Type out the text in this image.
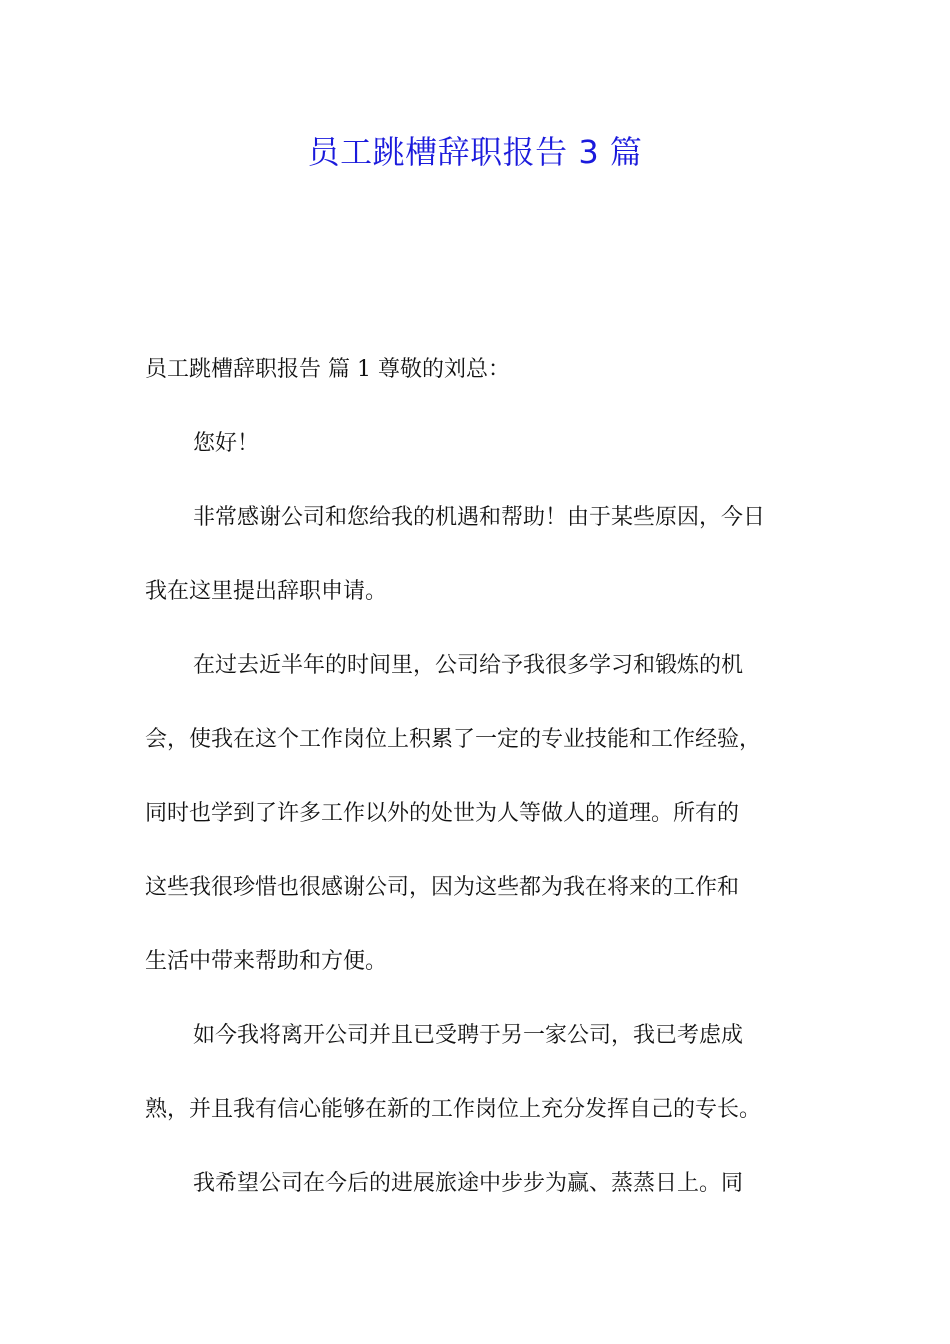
员工跳槽辞职报告 3 篇

员工跳槽辞职报告 篇 1 尊敬的刘总：

您好！

非常感谢公司和您给我的机遇和帮助！由于某些原因，今日

我在这里提出辞职申请。

在过去近半年的时间里，公司给予我很多学习和锻炼的机

会，使我在这个工作岗位上积累了一定的专业技能和工作经验，

同时也学到了许多工作以外的处世为人等做人的道理。所有的

这些我很珍惜也很感谢公司，因为这些都为我在将来的工作和

生活中带来帮助和方便。

如今我将离开公司并且已受聘于另一家公司，我已考虑成

熟，并且我有信心能够在新的工作岗位上充分发挥自己的专长。

我希望公司在今后的进展旅途中步步为赢、蒸蒸日上。同
